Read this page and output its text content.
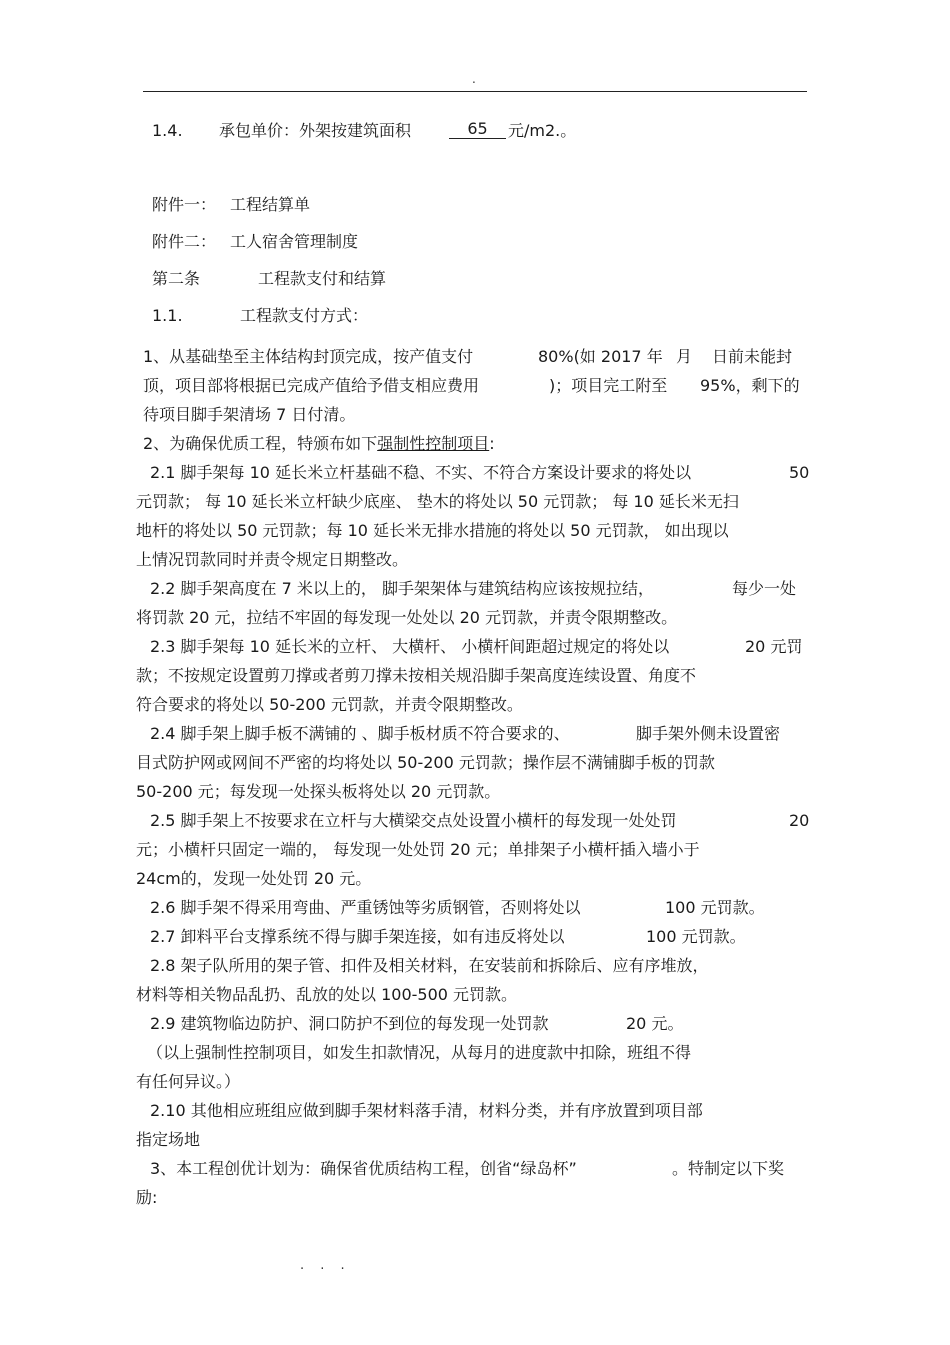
.
1.4. 承包单价：外架按建筑面积	65	元/m2.。
附件一： 工程结算单
附件二： 工人宿舍管理制度
第二条	工程款支付和结算
1.1.	工程款支付方式：
1、从基础垫至主体结构封顶完成，按产值支付	80%(如 2017 年 月 日前未能封
顶，项目部将根据已完成产值给予借支相应费用	)；项目完工附至 95%，剩下的
待项目脚手架清场 7 日付清。
2、为确保优质工程，特颁布如下强制性控制项目:
2.1 脚手架每 10 延长米立杆基础不稳、不实、不符合方案设计要求的将处以	50
元罚款； 每 10 延长米立杆缺少底座、 垫木的将处以 50 元罚款； 每 10 延长米无扫
地杆的将处以 50 元罚款；每 10 延长米无排水措施的将处以 50 元罚款， 如出现以
上情况罚款同时并责令规定日期整改。
2.2 脚手架高度在 7 米以上的， 脚手架架体与建筑结构应该按规拉结，	每少一处
将罚款 20 元，拉结不牢固的每发现一处处以 20 元罚款，并责令限期整改。
2.3 脚手架每 10 延长米的立杆、 大横杆、 小横杆间距超过规定的将处以	20 元罚
款；不按规定设置剪刀撑或者剪刀撑未按相关规沿脚手架高度连续设置、角度不
符合要求的将处以 50-200 元罚款，并责令限期整改。
2.4 脚手架上脚手板不满铺的 、脚手板材质不符合要求的、	脚手架外侧未设置密
目式防护网或网间不严密的均将处以 50-200 元罚款；操作层不满铺脚手板的罚款
50-200 元；每发现一处探头板将处以 20 元罚款。
2.5 脚手架上不按要求在立杆与大横梁交点处设置小横杆的每发现一处处罚	20
元；小横杆只固定一端的， 每发现一处处罚 20 元；单排架子小横杆插入墙小于
24cm的，发现一处处罚 20 元。
2.6 脚手架不得采用弯曲、严重锈蚀等劣质钢管，否则将处以	100 元罚款。
2.7 卸料平台支撑系统不得与脚手架连接，如有违反将处以	100 元罚款。
2.8 架子队所用的架子管、扣件及相关材料，在安装前和拆除后、应有序堆放，
材料等相关物品乱扔、乱放的处以 100-500 元罚款。
2.9 建筑物临边防护、洞口防护不到位的每发现一处罚款	20 元。
（以上强制性控制项目，如发生扣款情况，从每月的进度款中扣除，班组不得
有任何异议。）
2.10 其他相应班组应做到脚手架材料落手清，材料分类，并有序放置到项目部
指定场地
3、本工程创优计划为：确保省优质结构工程，创省“绿岛杯”	。特制定以下奖
励:
. . .
